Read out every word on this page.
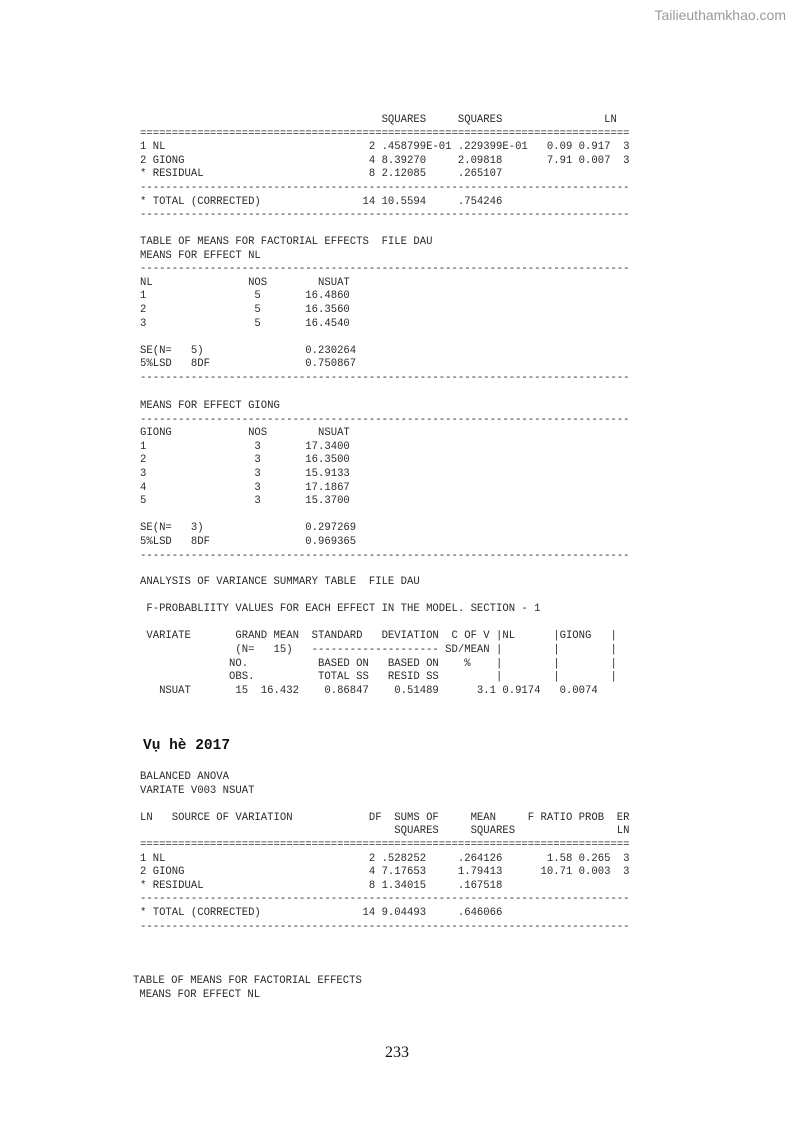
Tailieuthamkhao.com
SQUARES     SQUARES                LN
=============================================================================
1 NL                                2 .458799E-01 .229399E-01   0.09 0.917  3
2 GIONG                             4 8.39270     2.09818       7.91 0.007  3
* RESIDUAL                          8 2.12085     .265107
-----------------------------------------------------------------------------
* TOTAL (CORRECTED)                14 10.5594     .754246
-----------------------------------------------------------------------------
TABLE OF MEANS FOR FACTORIAL EFFECTS  FILE DAU
MEANS FOR EFFECT NL
-----------------------------------------------------------------------------
NL               NOS        NSUAT
1                 5       16.4860
2                 5       16.3560
3                 5       16.4540

SE(N=   5)                0.230264
5%LSD   8DF               0.750867
-----------------------------------------------------------------------------
MEANS FOR EFFECT GIONG
-----------------------------------------------------------------------------
GIONG            NOS        NSUAT
1                 3       17.3400
2                 3       16.3500
3                 3       15.9133
4                 3       17.1867
5                 3       15.3700

SE(N=   3)                0.297269
5%LSD   8DF               0.969365
-----------------------------------------------------------------------------
ANALYSIS OF VARIANCE SUMMARY TABLE  FILE DAU

F-PROBABLIITY VALUES FOR EACH EFFECT IN THE MODEL. SECTION - 1

VARIATE       GRAND MEAN  STANDARD   DEVIATION  C OF V |NL      |GIONG   |
(N=   15)   -------------------- SD/MEAN |        |        |
NO.           BASED ON   BASED ON    %    |        |        |
OBS.          TOTAL SS   RESID SS         |        |        |
NSUAT       15  16.432    0.86847    0.51489      3.1 0.9174   0.0074
Vụ hè 2017
BALANCED ANOVA
VARIATE V003 NSUAT

LN   SOURCE OF VARIATION            DF  SUMS OF     MEAN     F RATIO PROB  ER
SQUARES     SQUARES                LN
=============================================================================
1 NL                                2 .528252     .264126       1.58 0.265  3
2 GIONG                             4 7.17653     1.79413      10.71 0.003  3
* RESIDUAL                          8 1.34015     .167518
-----------------------------------------------------------------------------
* TOTAL (CORRECTED)                14 9.04493     .646066
-----------------------------------------------------------------------------
TABLE OF MEANS FOR FACTORIAL EFFECTS
MEANS FOR EFFECT NL
233
